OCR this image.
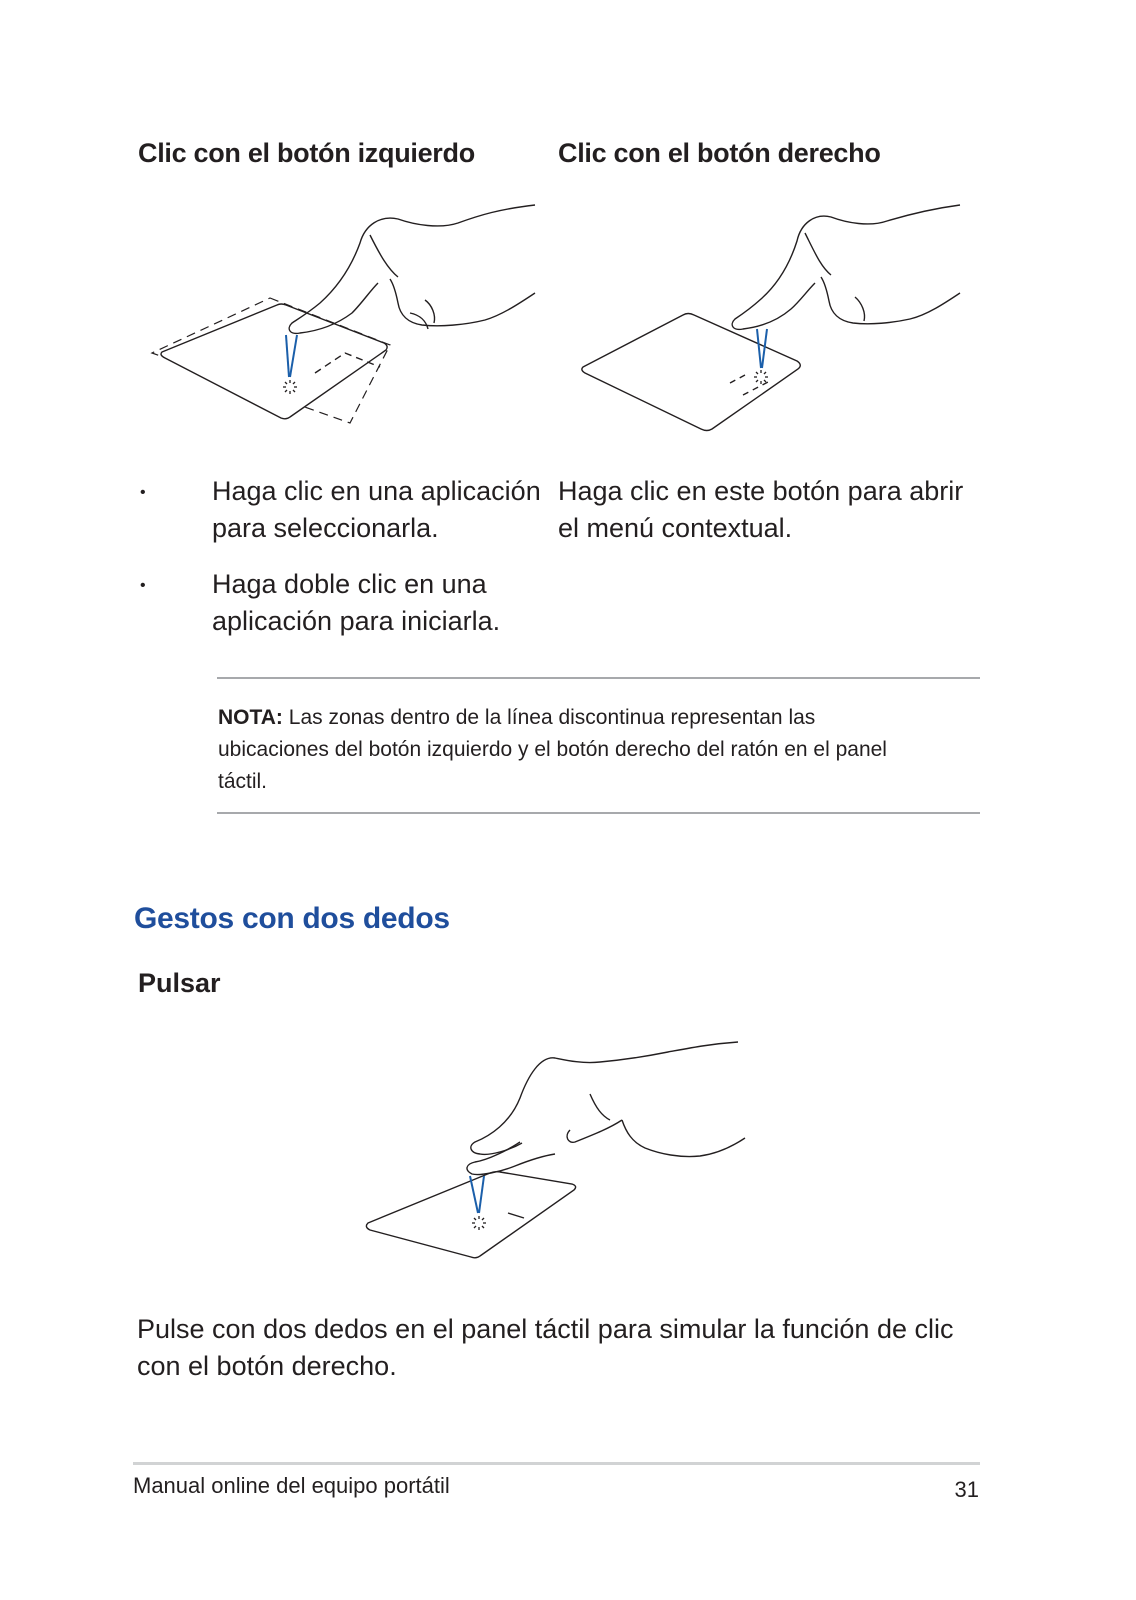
Clic con el botón izquierdo	Clic con el botón derecho
• Haga clic en una aplicación
para seleccionarla.
• Haga doble clic en una
aplicación para iniciarla.
Haga clic en este botón para abrir
el menú contextual.
NOTA: Las zonas dentro de la línea discontinua representan las
ubicaciones del botón izquierdo y el botón derecho del ratón en el panel
táctil.
Gestos con dos dedos
Pulsar
Pulse con dos dedos en el panel táctil para simular la función de clic
con el botón derecho.
Manual online del equipo portátil	31
